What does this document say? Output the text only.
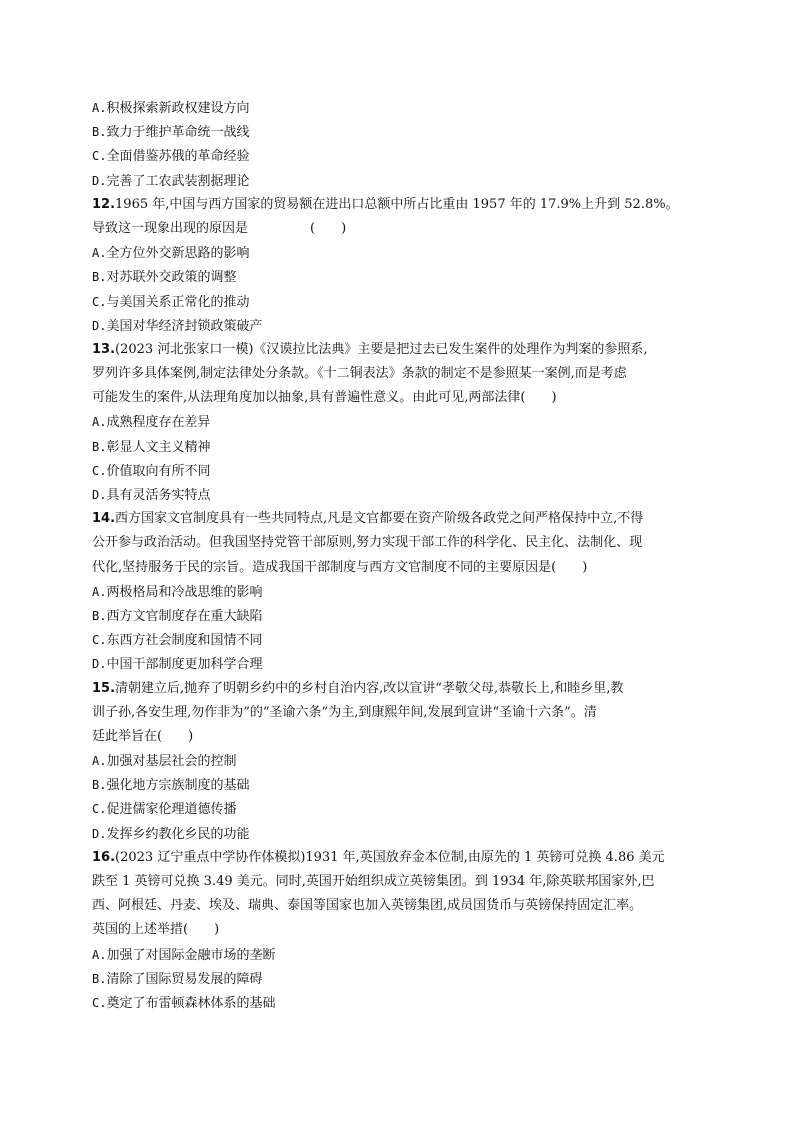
A.积极探索新政权建设方向
B.致力于维护革命统一战线
C.全面借鉴苏俄的革命经验
D.完善了工农武装割据理论
12.1965 年,中国与西方国家的贸易额在进出口总额中所占比重由 1957 年的 17.9%上升到 52.8%。
导致这一现象出现的原因是	(　　)
A.全方位外交新思路的影响
B.对苏联外交政策的调整
C.与美国关系正常化的推动
D.美国对华经济封锁政策破产
13.(2023 河北张家口一模)《汉谟拉比法典》主要是把过去已发生案件的处理作为判案的参照系,
罗列许多具体案例,制定法律处分条款。《十二铜表法》条款的制定不是参照某一案例,而是考虑
可能发生的案件,从法理角度加以抽象,具有普遍性意义。由此可见,两部法律(　　)
A.成熟程度存在差异
B.彰显人文主义精神
C.价值取向有所不同
D.具有灵活务实特点
14.西方国家文官制度具有一些共同特点,凡是文官都要在资产阶级各政党之间严格保持中立,不得
公开参与政治活动。但我国坚持党管干部原则,努力实现干部工作的科学化、民主化、法制化、现
代化,坚持服务于民的宗旨。造成我国干部制度与西方文官制度不同的主要原因是(　　)
A.两极格局和冷战思维的影响
B.西方文官制度存在重大缺陷
C.东西方社会制度和国情不同
D.中国干部制度更加科学合理
15.清朝建立后,抛弃了明朝乡约中的乡村自治内容,改以宣讲“孝敬父母,恭敬长上,和睦乡里,教
训子孙,各安生理,勿作非为”的“圣谕六条”为主,到康熙年间,发展到宣讲“圣谕十六条”。清
廷此举旨在(　　)
A.加强对基层社会的控制
B.强化地方宗族制度的基础
C.促进儒家伦理道德传播
D.发挥乡约教化乡民的功能
16.(2023 辽宁重点中学协作体模拟)1931 年,英国放弃金本位制,由原先的 1 英镑可兑换 4.86 美元
跌至 1 英镑可兑换 3.49 美元。同时,英国开始组织成立英镑集团。到 1934 年,除英联邦国家外,巴
西、阿根廷、丹麦、埃及、瑞典、泰国等国家也加入英镑集团,成员国货币与英镑保持固定汇率。
英国的上述举措(　　)
A.加强了对国际金融市场的垄断
B.清除了国际贸易发展的障碍
C.奠定了布雷顿森林体系的基础
